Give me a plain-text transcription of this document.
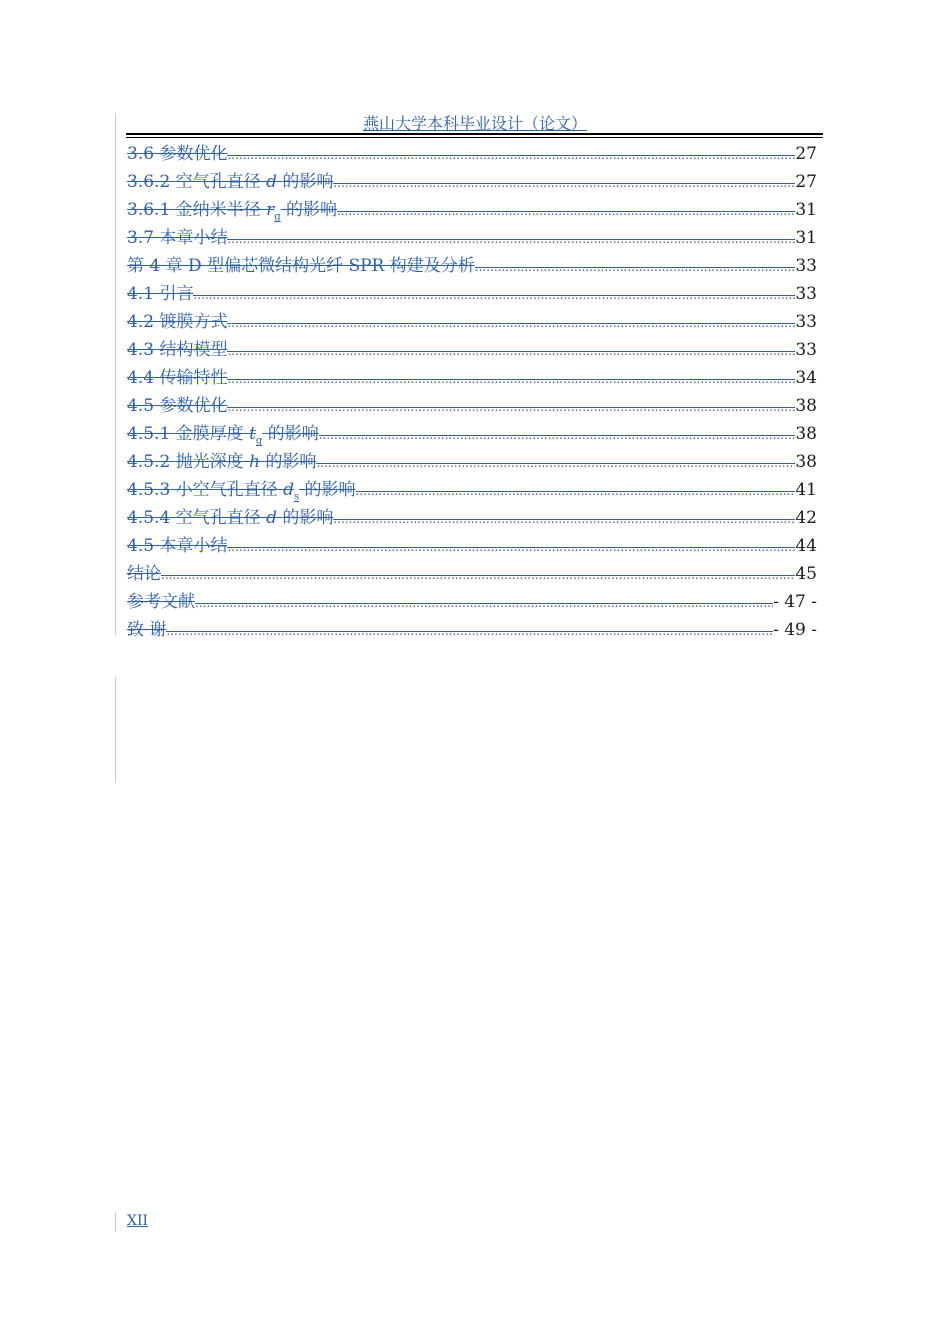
燕山大学本科毕业设计（论文）
3.6 参数优化 .....	27
3.6.2 空气孔直径 d 的影响 .....	27
3.6.1 金纳米半径 $r_g$ 的影响 .....	31
3.7 本章小结 .....	31
第 4 章 D 型偏芯微结构光纤 SPR 构建及分析 .....	33
4.1 引言 .....	33
4.2 镀膜方式 .....	33
4.3 结构模型 .....	33
4.4 传输特性 .....	34
4.5 参数优化 .....	38
4.5.1 金膜厚度 $t_g$ 的影响 .....	38
4.5.2 抛光深度 h 的影响 .....	38
4.5.3 小空气孔直径 $d_s$ 的影响 .....	41
4.5.4 空气孔直径 d 的影响 .....	42
4.5 本章小结 .....	44
结论 .....	45
参考文献 .....	- 47 -
致 谢 .....	- 49 -
XII
